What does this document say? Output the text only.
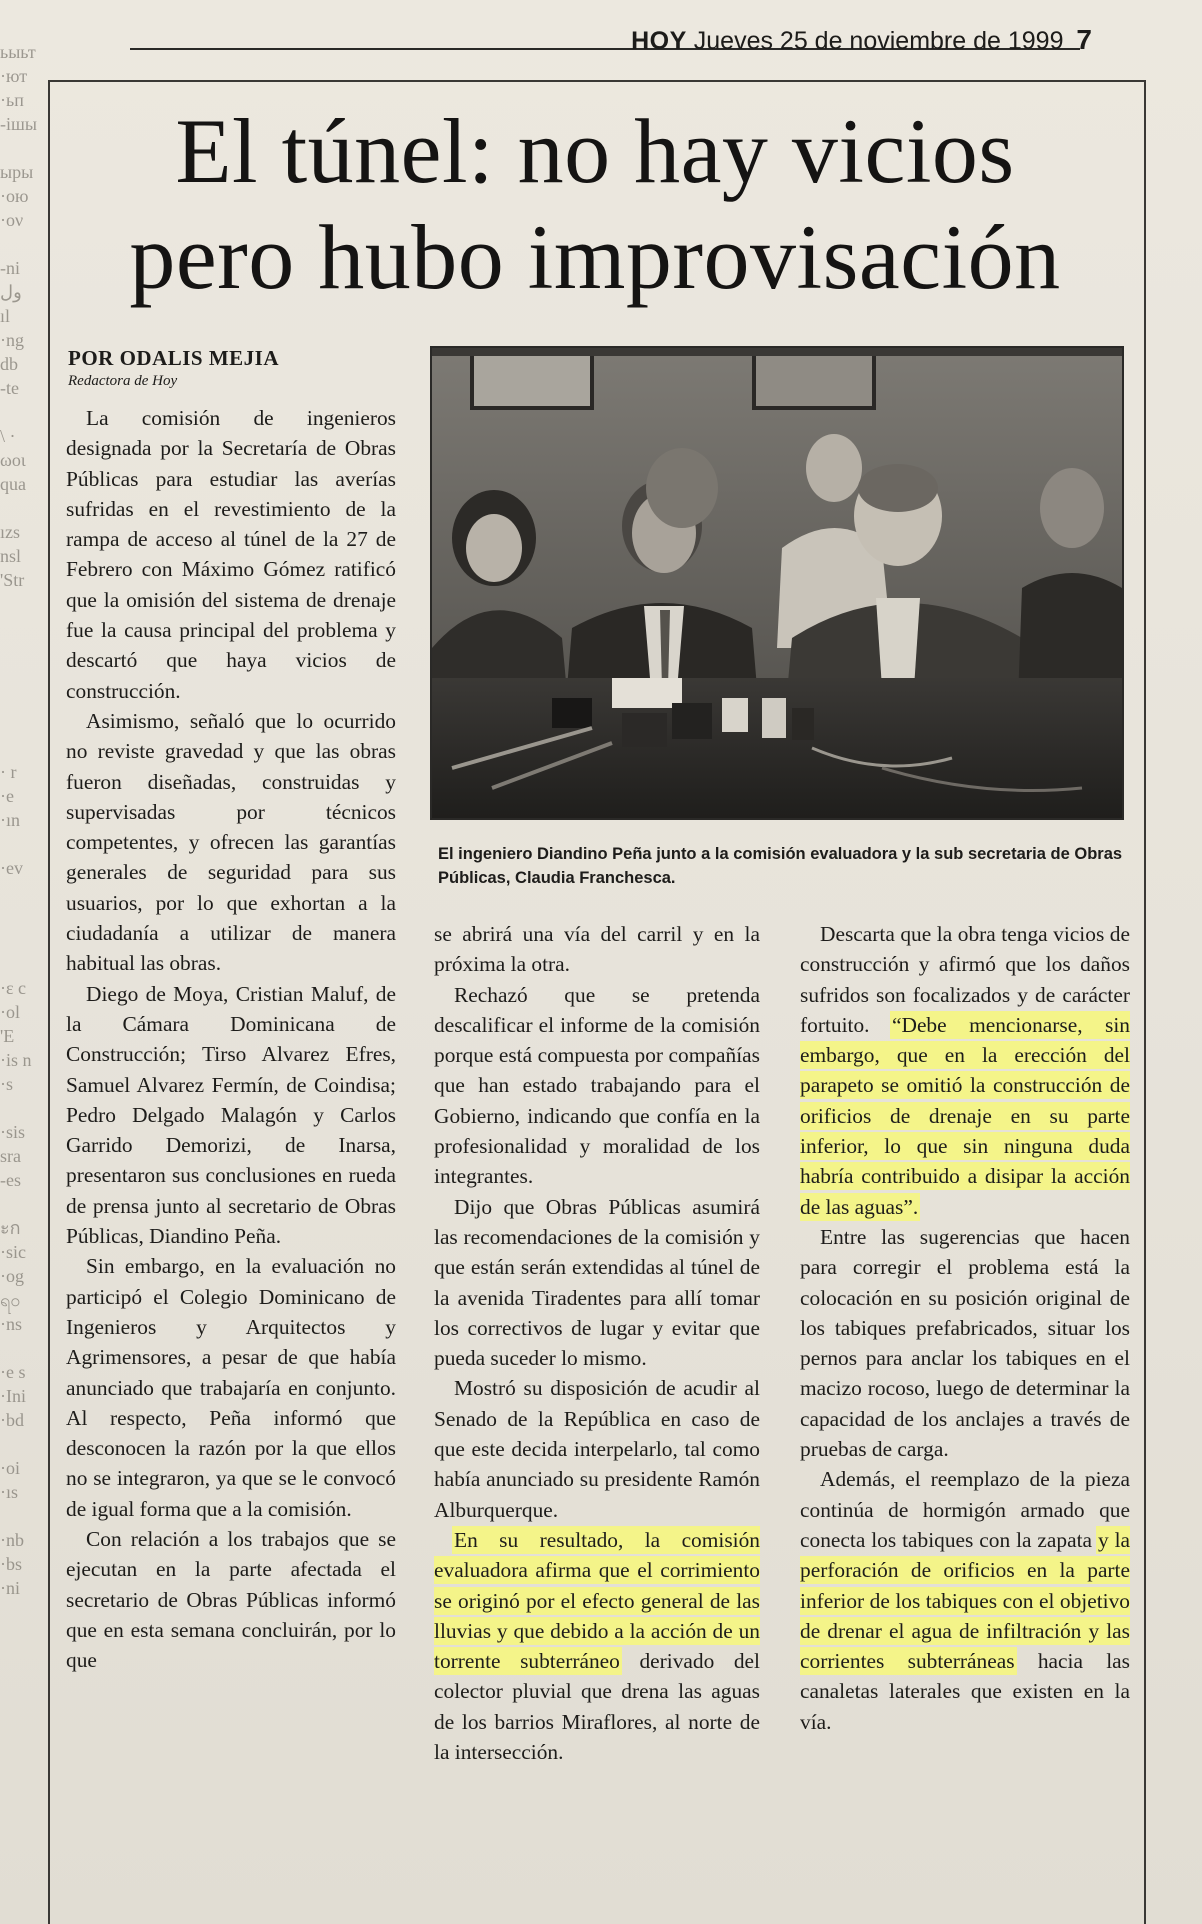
ьыьт
·ют
·ьп
-ішы

ыры
·ою
·ον

-ni
ول
ıl
·ng
db
-te

\ ·
ωοι
qua

ızs
nsl
'Str

· r
·e
·ın

·ev

·ε c
·ol
'E
·is n
·s

·sis
sra
-es

ะก
·sic
·og
ရဝ
·ns

·e s
·Ini
·bd

·oi
·ıs

·nb
·bs
·ni
HOY Jueves 25 de noviembre de 1999 7
El túnel: no hay vicios
pero hubo improvisación
POR ODALIS MEJIA
Redactora de Hoy

La comisión de ingenieros designada por la Secretaría de Obras Públicas para estudiar las averías sufridas en el revestimiento de la rampa de acceso al túnel de la 27 de Febrero con Máximo Gómez ratificó que la omisión del sistema de drenaje fue la causa principal del problema y descartó que haya vicios de construcción.

Asimismo, señaló que lo ocurrido no reviste gravedad y que las obras fueron diseñadas, construidas y supervisadas por técnicos competentes, y ofrecen las garantías generales de seguridad para sus usuarios, por lo que exhortan a la ciudadanía a utilizar de manera habitual las obras.

Diego de Moya, Cristian Maluf, de la Cámara Dominicana de Construcción; Tirso Alvarez Efres, Samuel Alvarez Fermín, de Coindisa; Pedro Delgado Malagón y Carlos Garrido Demorizi, de Inarsa, presentaron sus conclusiones en rueda de prensa junto al secretario de Obras Públicas, Diandino Peña.

Sin embargo, en la evaluación no participó el Colegio Dominicano de Ingenieros y Arquitectos y Agrimensores, a pesar de que había anunciado que trabajaría en conjunto. Al respecto, Peña informó que desconocen la razón por la que ellos no se integraron, ya que se le convocó de igual forma que a la comisión.

Con relación a los trabajos que se ejecutan en la parte afectada el secretario de Obras Públicas informó que en esta semana concluirán, por lo que

El ingeniero Diandino Peña junto a la comisión evaluadora y la sub secretaria de Obras Públicas, Claudia Franchesca.

se abrirá una vía del carril y en la próxima la otra.

Rechazó que se pretenda descalificar el informe de la comisión porque está compuesta por compañías que han estado trabajando para el Gobierno, indicando que confía en la profesionalidad y moralidad de los integrantes.

Dijo que Obras Públicas asumirá las recomendaciones de la comisión y que están serán extendidas al túnel de la avenida Tiradentes para allí tomar los correctivos de lugar y evitar que pueda suceder lo mismo.

Mostró su disposición de acudir al Senado de la República en caso de que este decida interpelarlo, tal como había anunciado su presidente Ramón Alburquerque.

En su resultado, la comisión evaluadora afirma que el corrimiento se originó por el efecto general de las lluvias y que debido a la acción de un torrente subterráneo derivado del colector pluvial que drena las aguas de los barrios Miraflores, al norte de la intersección.

Descarta que la obra tenga vicios de construcción y afirmó que los daños sufridos son focalizados y de carácter fortuito. “Debe mencionarse, sin embargo, que en la erección del parapeto se omitió la construcción de orificios de drenaje en su parte inferior, lo que sin ninguna duda habría contribuido a disipar la acción de las aguas”.

Entre las sugerencias que hacen para corregir el problema está la colocación en su posición original de los tabiques prefabricados, situar los pernos para anclar los tabiques en el macizo rocoso, luego de determinar la capacidad de los anclajes a través de pruebas de carga.

Además, el reemplazo de la pieza continúa de hormigón armado que conecta los tabiques con la zapata y la perforación de orificios en la parte inferior de los tabiques con el objetivo de drenar el agua de infiltración y las corrientes subterráneas hacia las canaletas laterales que existen en la vía.
